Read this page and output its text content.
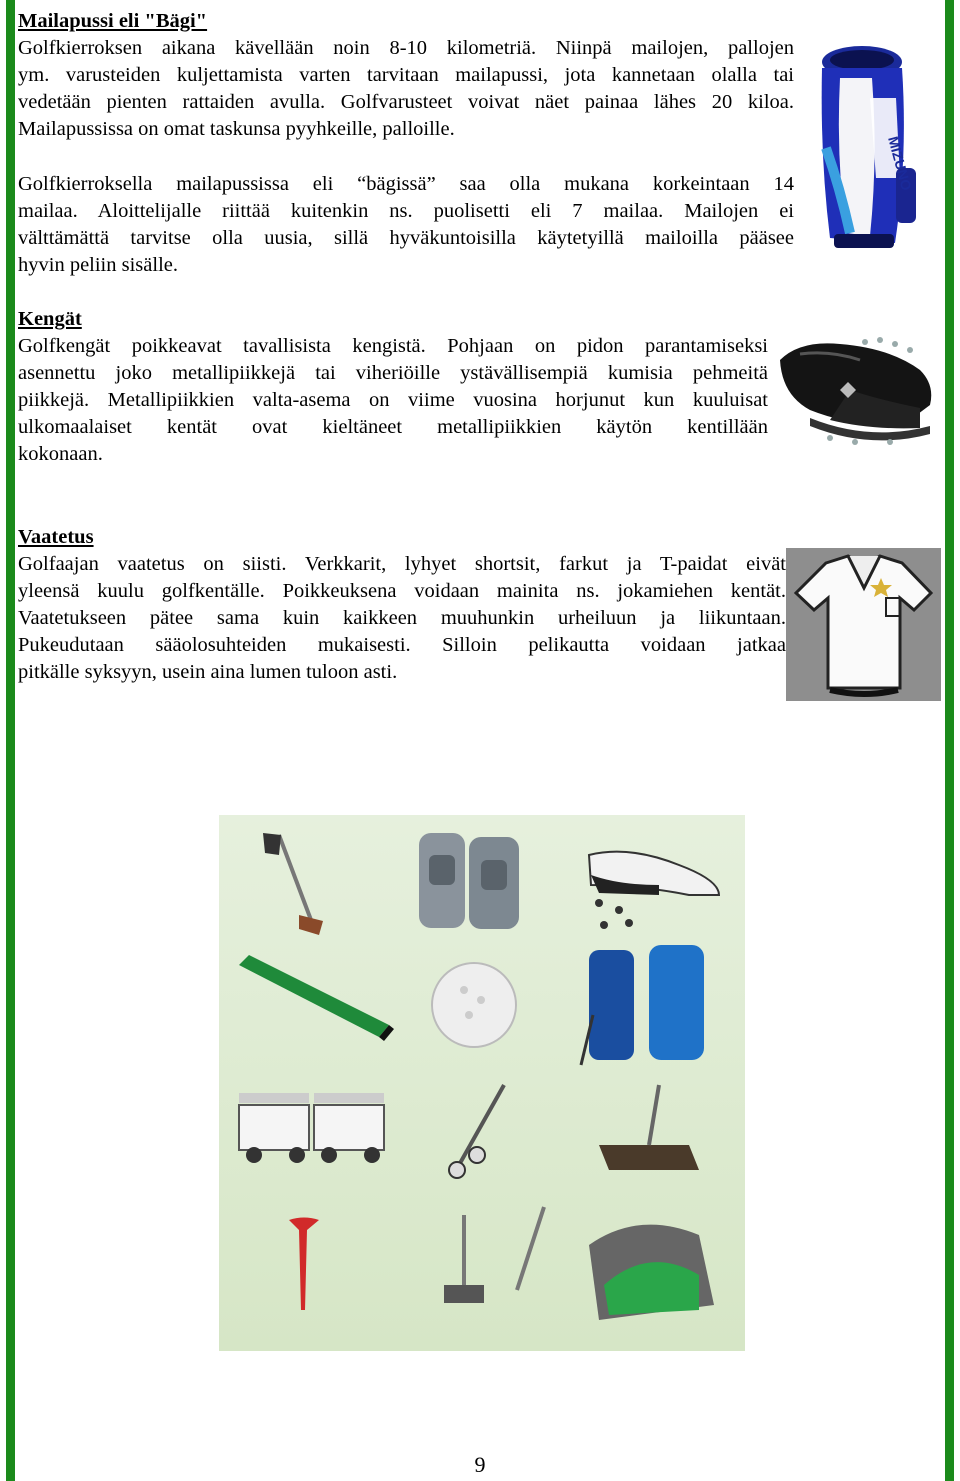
Mailapussi eli "Bägi"
Golfkierroksen aikana kävellään noin 8-10 kilometriä. Niinpä mailojen, pallojen
ym. varusteiden kuljettamista varten tarvitaan mailapussi, jota kannetaan olalla tai
vedetään pienten rattaiden avulla. Golfvarusteet voivat näet painaa lähes 20 kiloa.
Mailapussissa on omat taskunsa pyyhkeille, palloille.
Golfkierroksella mailapussissa eli “bägissä” saa olla mukana korkeintaan 14
mailaa. Aloittelijalle riittää kuitenkin ns. puolisetti eli 7 mailaa. Mailojen ei
välttämättä tarvitse olla uusia, sillä hyväkuntoisilla käytetyillä mailoilla pääsee
hyvin peliin sisälle.
MIZUNO
Kengät
Golfkengät poikkeavat tavallisista kengistä. Pohjaan on pidon parantamiseksi
asennettu joko metallipiikkejä tai viheriöille ystävällisempiä kumisia pehmeitä
piikkejä. Metallipiikkien valta-asema on viime vuosina horjunut kun kuuluisat
ulkomaalaiset kentät ovat kieltäneet metallipiikkien käytön kentillään
kokonaan.
Vaatetus
Golfaajan vaatetus on siisti. Verkkarit, lyhyet shortsit, farkut ja T-paidat eivät
yleensä kuulu golfkentälle. Poikkeuksena voidaan mainita ns. jokamiehen kentät.
Vaatetukseen pätee sama kuin kaikkeen muuhunkin urheiluun ja liikuntaan.
Pukeudutaan sääolosuhteiden mukaisesti. Silloin pelikautta voidaan jatkaa
pitkälle syksyyn, usein aina lumen tuloon asti.
9
